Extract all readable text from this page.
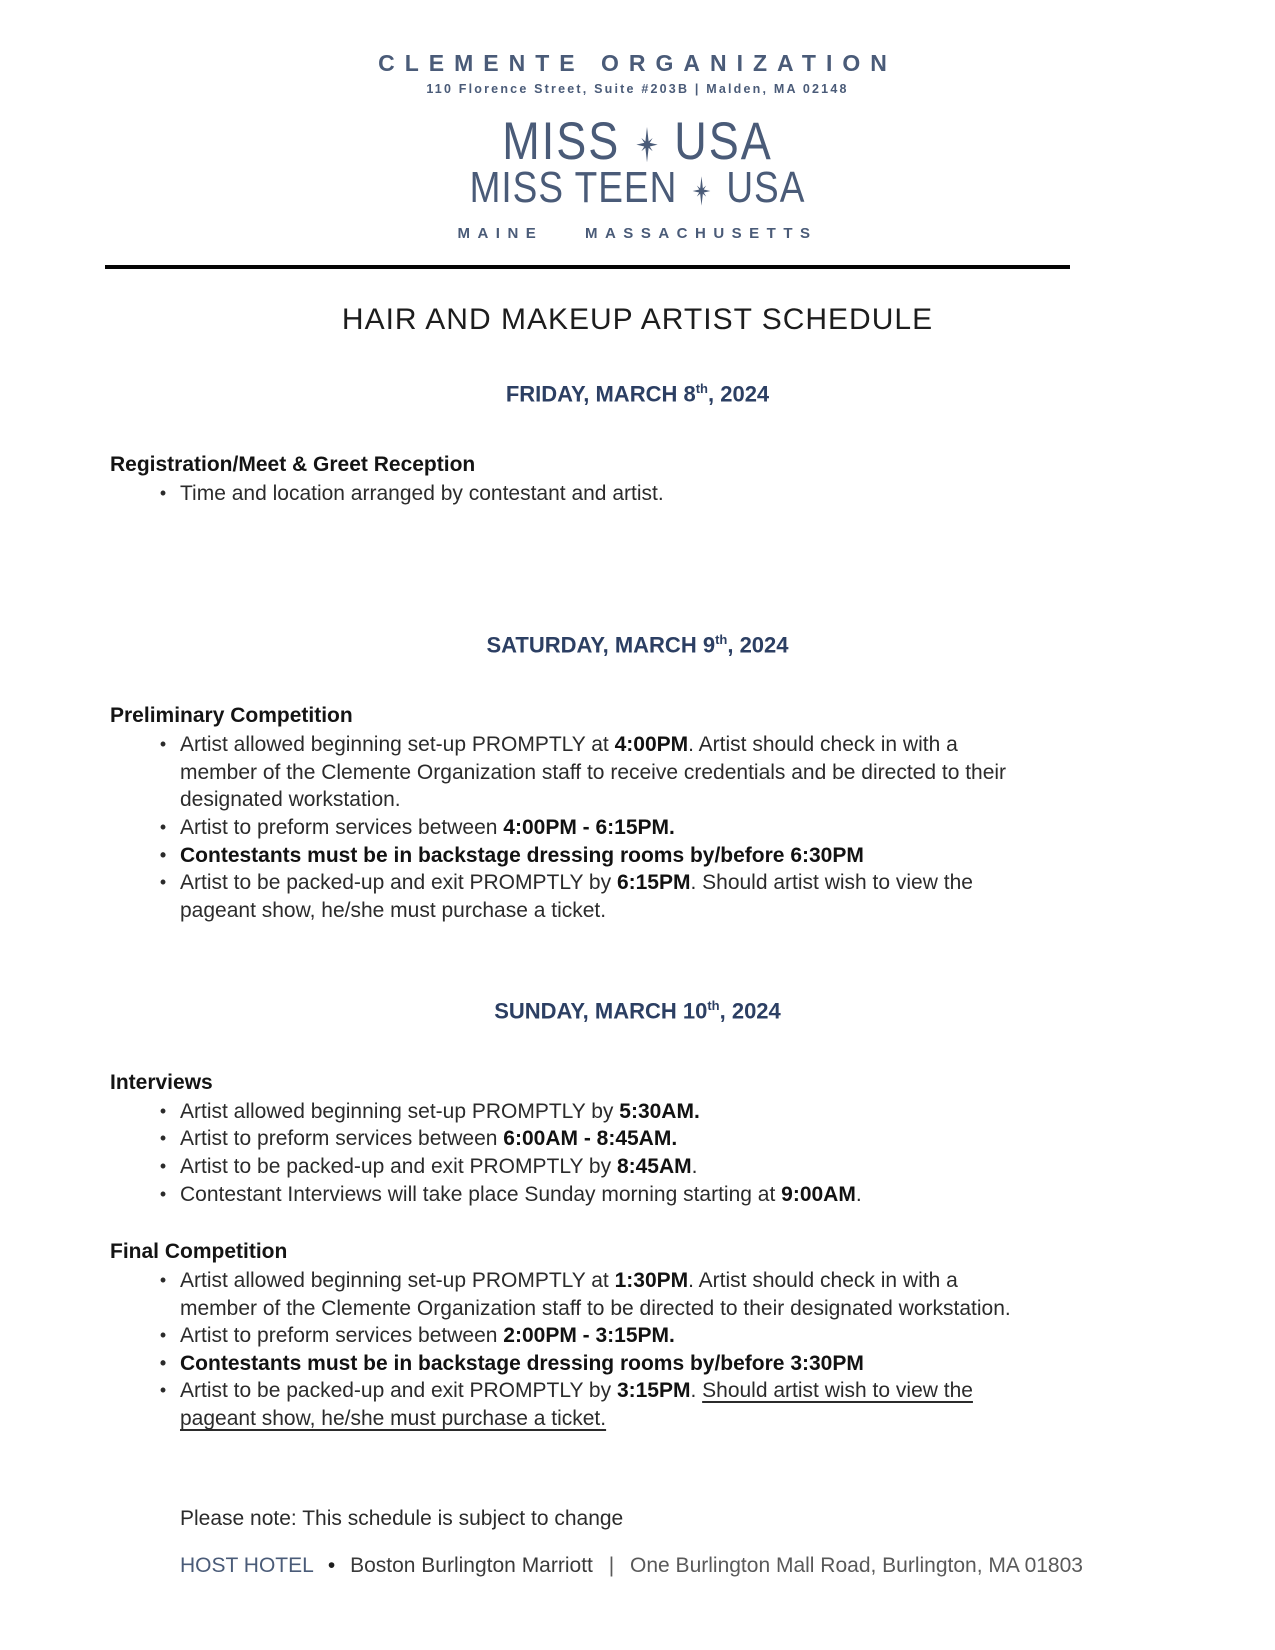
CLEMENTE ORGANIZATION
110 Florence Street, Suite #203B | Malden, MA 02148
MISS USA
MISS TEEN USA
MAINE MASSACHUSETTS
HAIR AND MAKEUP ARTIST SCHEDULE
FRIDAY, MARCH 8th, 2024
Registration/Meet & Greet Reception
• Time and location arranged by contestant and artist.
SATURDAY, MARCH 9th, 2024
Preliminary Competition
• Artist allowed beginning set-up PROMPTLY at 4:00PM. Artist should check in with a member of the Clemente Organization staff to receive credentials and be directed to their designated workstation.
• Artist to preform services between 4:00PM - 6:15PM.
• Contestants must be in backstage dressing rooms by/before 6:30PM
• Artist to be packed-up and exit PROMPTLY by 6:15PM. Should artist wish to view the pageant show, he/she must purchase a ticket.
SUNDAY, MARCH 10th, 2024
Interviews
• Artist allowed beginning set-up PROMPTLY by 5:30AM.
• Artist to preform services between 6:00AM - 8:45AM.
• Artist to be packed-up and exit PROMPTLY by 8:45AM.
• Contestant Interviews will take place Sunday morning starting at 9:00AM.
Final Competition
• Artist allowed beginning set-up PROMPTLY at 1:30PM. Artist should check in with a member of the Clemente Organization staff to be directed to their designated workstation.
• Artist to preform services between 2:00PM - 3:15PM.
• Contestants must be in backstage dressing rooms by/before 3:30PM
• Artist to be packed-up and exit PROMPTLY by 3:15PM. Should artist wish to view the pageant show, he/she must purchase a ticket.
Please note: This schedule is subject to change
HOST HOTEL • Boston Burlington Marriott | One Burlington Mall Road, Burlington, MA 01803
